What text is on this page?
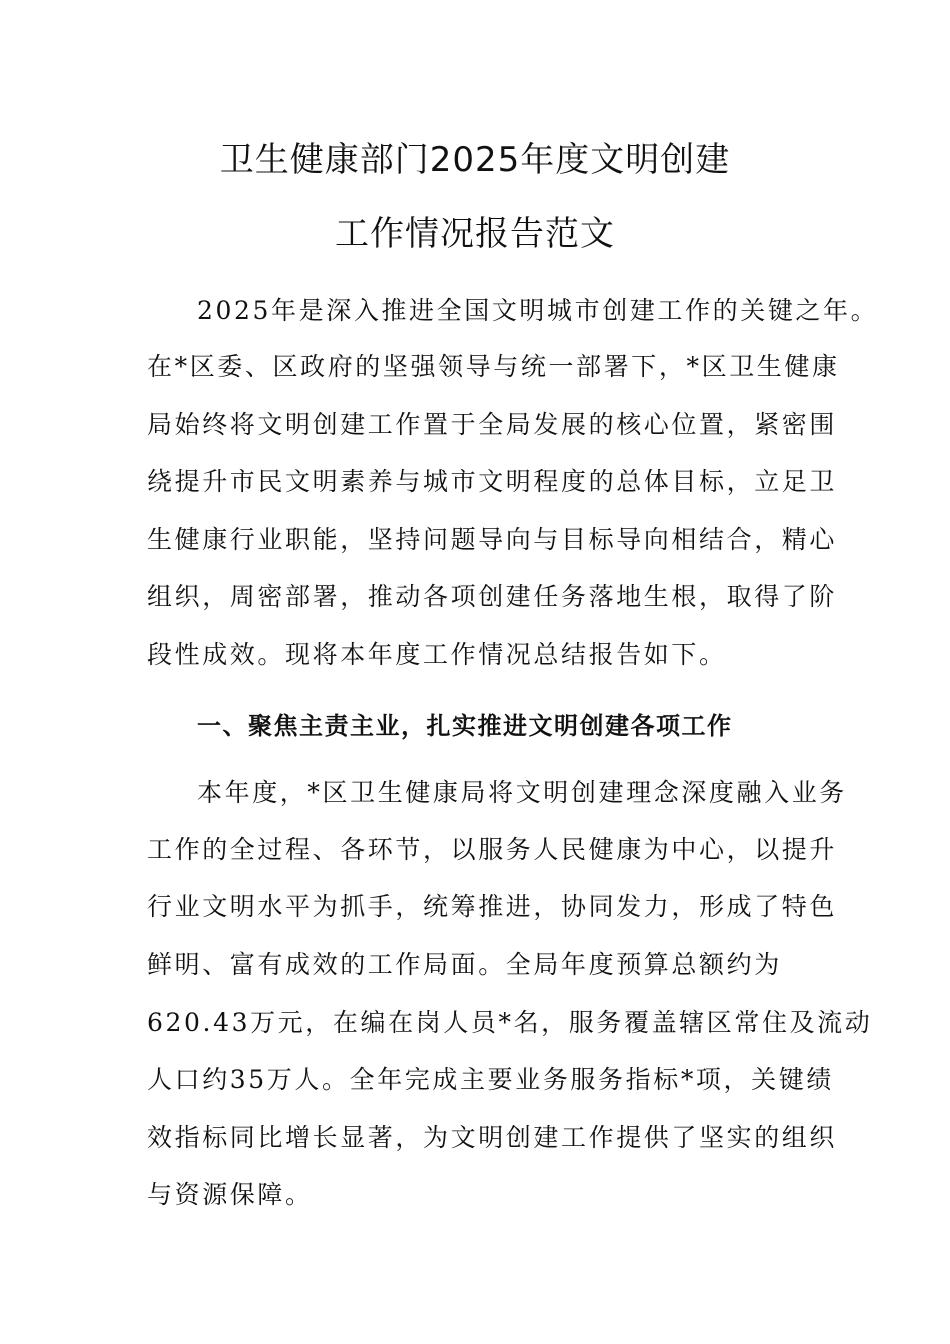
卫生健康部门2025年度文明创建
工作情况报告范文
2025年是深入推进全国文明城市创建工作的关键之年。
在*区委、区政府的坚强领导与统一部署下，*区卫生健康
局始终将文明创建工作置于全局发展的核心位置，紧密围
绕提升市民文明素养与城市文明程度的总体目标，立足卫
生健康行业职能，坚持问题导向与目标导向相结合，精心
组织，周密部署，推动各项创建任务落地生根，取得了阶
段性成效。现将本年度工作情况总结报告如下。
一、聚焦主责主业，扎实推进文明创建各项工作
本年度，*区卫生健康局将文明创建理念深度融入业务
工作的全过程、各环节，以服务人民健康为中心，以提升
行业文明水平为抓手，统筹推进，协同发力，形成了特色
鲜明、富有成效的工作局面。全局年度预算总额约为
620.43万元，在编在岗人员*名，服务覆盖辖区常住及流动
人口约35万人。全年完成主要业务服务指标*项，关键绩
效指标同比增长显著，为文明创建工作提供了坚实的组织
与资源保障。
